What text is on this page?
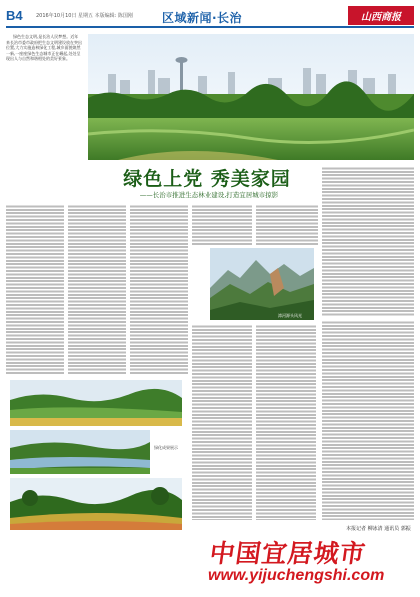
B4	2016年10月10日 星期五 本版编辑: 陈国刚 区域新闻·长治	山西商报

绿色生态文明,是长治人民梦想。近年来长治市委市政府把生态文明建设放在突出位置,大力实施造林绿化工程,城乡面貌焕然一新,一座座绿色生态城市正在崛起,处处呈现出人与自然和谐相处的美好景象。

绿色上党 秀美家园
——长治市推进生态林业建设,打造宜居城市掠影
漳河源头风光
绿化成果展示
本报记者 柳冰清 通讯员 郭振
中国宜居城市
www.yijuchengshi.com
